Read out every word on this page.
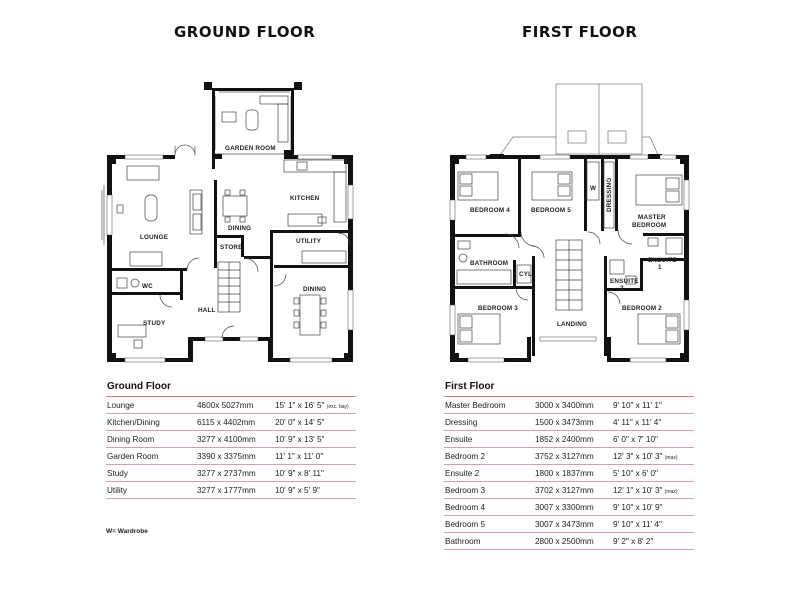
GROUND FLOOR	FIRST FLOOR
GARDEN ROOM
LOUNGE
DINING
KITCHEN
STORE
UTILITY
WC
HALL
DINING
STUDY
BEDROOM 4	BEDROOM 5
W DRESSING
MASTER
BEDROOM
BATHROOM
CYL
ENSUITE
1
ENSUITE
2
BEDROOM 3	BEDROOM 2
LANDING
Ground Floor
Lounge	4600x 5027mm	15' 1" x 16' 5" (exc. bay)
Kitchen/Dining	6115 x 4402mm	20' 0" x 14' 5"
Dining Room	3277 x 4100mm	10' 9" x 13' 5"
Garden Room	3390 x 3375mm	11' 1" x 11' 0"
Study	3277 x 2737mm	10' 9" x 8' 11"
Utility	3277 x 1777mm	10' 9" x 5' 9"
First Floor
Master Bedroom	3000 x 3400mm	9' 10" x 11' 1"
Dressing	1500 x 3473mm	4' 11" x 11' 4"
Ensuite	1852 x 2400mm	6' 0" x 7' 10"
Bedroom 2	3752 x 3127mm	12' 3" x 10' 3" (max)
Ensuite 2	1800 x 1837mm	5' 10" x 6' 0"
Bedroom 3	3702 x 3127mm	12' 1" x 10' 3" (max)
Bedroom 4	3007 x 3300mm	9' 10" x 10' 9"
Bedroom 5	3007 x 3473mm	9' 10" x 11' 4"
Bathroom	2800 x 2500mm	9' 2" x 8' 2"
W= Wardrobe
